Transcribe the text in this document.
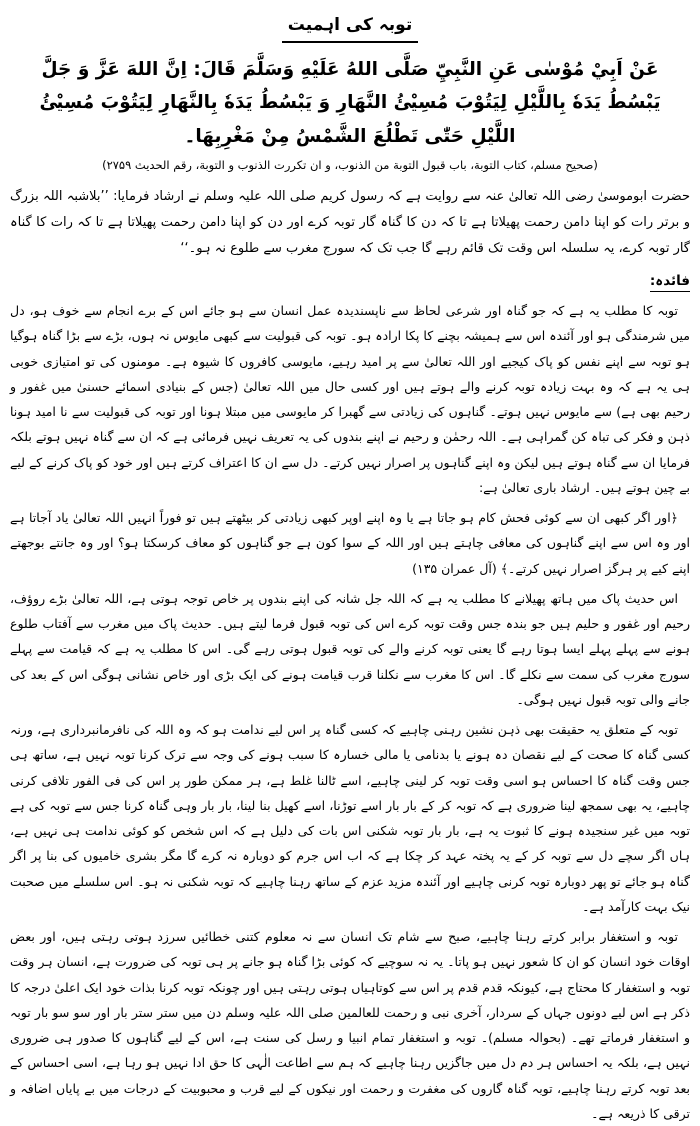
توبہ کی اہمیت
عَنْ اَبِيْ مُوْسٰی عَنِ النَّبِيِّ صَلَّی اللهُ عَلَيْهِ وَسَلَّمَ قَالَ: اِنَّ اللهَ عَزَّ وَ جَلَّ يَبْسُطُ يَدَهٗ بِاللَّيْلِ لِيَتُوْبَ مُسِيْئُ النَّهَارِ وَ يَبْسُطُ يَدَهٗ بِالنَّهَارِ لِيَتُوْبَ مُسِيْئُ اللَّيْلِ حَتّٰی تَطْلُعَ الشَّمْسُ مِنْ مَغْرِبِهَا۔
(صحیح مسلم، کتاب التوبة، باب قبول التوبة من الذنوب، و ان تکررت الذنوب و التوبة، رقم الحدیث ۲۷۵۹)
حضرت ابوموسیٰ رضی اللہ تعالیٰ عنہ سے روایت ہے کہ رسول کریم صلی اللہ علیہ وسلم نے ارشاد فرمایا: ’’بلاشبہ اللہ بزرگ و برتر رات کو اپنا دامن رحمت پھیلاتا ہے تا کہ دن کا گناہ گار توبہ کرے اور دن کو اپنا دامن رحمت پھیلاتا ہے تا کہ رات کا گناہ گار توبہ کرے، یہ سلسلہ اس وقت تک قائم رہے گا جب تک کہ سورج مغرب سے طلوع نہ ہو۔‘‘
فائدہ:
توبہ کا مطلب یہ ہے کہ جو گناہ اور شرعی لحاظ سے ناپسندیدہ عمل انسان سے ہو جائے اس کے برے انجام سے خوف ہو، دل میں شرمندگی ہو اور آئندہ اس سے ہمیشہ بچنے کا پکا ارادہ ہو۔ توبہ کی قبولیت سے کبھی مایوس نہ ہوں، بڑے سے بڑا گناہ ہوگیا ہو توبہ سے اپنے نفس کو پاک کیجیے اور اللہ تعالیٰ سے پر امید رہیے، مایوسی کافروں کا شیوہ ہے۔ مومنوں کی تو امتیازی خوبی ہی یہ ہے کہ وہ بہت زیادہ توبہ کرنے والے ہوتے ہیں اور کسی حال میں اللہ تعالیٰ (جس کے بنیادی اسمائے حسنیٰ میں غفور و رحیم بھی ہے) سے مایوس نہیں ہوتے۔ گناہوں کی زیادتی سے گھبرا کر مایوسی میں مبتلا ہونا اور توبہ کی قبولیت سے نا امید ہونا ذہن و فکر کی تباہ کن گمراہی ہے۔ اللہ رحمٰن و رحیم نے اپنے بندوں کی یہ تعریف نہیں فرمائی ہے کہ ان سے گناہ نہیں ہوتے بلکہ فرمایا ان سے گناہ ہوتے ہیں لیکن وہ اپنے گناہوں پر اصرار نہیں کرتے۔ دل سے ان کا اعتراف کرتے ہیں اور خود کو پاک کرنے کے لیے بے چین ہوتے ہیں۔ ارشاد باری تعالیٰ ہے:
﴿اور اگر کبھی ان سے کوئی فحش کام ہو جاتا ہے یا وہ اپنے اوپر کبھی زیادتی کر بیٹھتے ہیں تو فوراً انہیں اللہ تعالیٰ یاد آجاتا ہے اور وہ اس سے اپنے گناہوں کی معافی چاہتے ہیں اور اللہ کے سوا کون ہے جو گناہوں کو معاف کرسکتا ہو؟ اور وہ جانتے بوجھتے اپنے کیے پر ہرگز اصرار نہیں کرتے۔﴾ (آل عمران ۱۳۵)
اس حدیث پاک میں ہاتھ پھیلانے کا مطلب یہ ہے کہ اللہ جل شانہ کی اپنے بندوں پر خاص توجہ ہوتی ہے، اللہ تعالیٰ بڑے روؤف، رحیم اور غفور و حلیم ہیں جو بندہ جس وقت توبہ کرے اس کی توبہ قبول فرما لیتے ہیں۔ حدیث پاک میں مغرب سے آفتاب طلوع ہونے سے پہلے پہلے ایسا ہوتا رہے گا یعنی توبہ کرنے والے کی توبہ قبول ہوتی رہے گی۔ اس کا مطلب یہ ہے کہ قیامت سے پہلے سورج مغرب کی سمت سے نکلے گا۔ اس کا مغرب سے نکلنا قرب قیامت ہونے کی ایک بڑی اور خاص نشانی ہوگی اس کے بعد کی جانے والی توبہ قبول نہیں ہوگی۔
توبہ کے متعلق یہ حقیقت بھی ذہن نشین رہنی چاہیے کہ کسی گناہ پر اس لیے ندامت ہو کہ وہ اللہ کی نافرمانبرداری ہے، ورنہ کسی گناہ کا صحت کے لیے نقصان دہ ہونے یا بدنامی یا مالی خسارہ کا سبب ہونے کی وجہ سے ترک کرنا توبہ نہیں ہے، ساتھ ہی جس وقت گناہ کا احساس ہو اسی وقت توبہ کر لینی چاہیے، اسے ٹالنا غلط ہے، ہر ممکن طور پر اس کی فی الفور تلافی کرنی چاہیے، یہ بھی سمجھ لینا ضروری ہے کہ توبہ کر کے بار بار اسے توڑنا، اسے کھیل بنا لینا، بار بار وہی گناہ کرنا جس سے توبہ کی ہے توبہ میں غیر سنجیدہ ہونے کا ثبوت یہ ہے، بار بار توبہ شکنی اس بات کی دلیل ہے کہ اس شخص کو کوئی ندامت ہی نہیں ہے، ہاں اگر سچے دل سے توبہ کر کے یہ پختہ عہد کر چکا ہے کہ اب اس جرم کو دوبارہ نہ کرے گا مگر بشری خامیوں کی بنا پر اگر گناہ ہو جائے تو پھر دوبارہ توبہ کرنی چاہیے اور آئندہ مزید عزم کے ساتھ رہنا چاہیے کہ توبہ شکنی نہ ہو۔ اس سلسلے میں صحبت نیک بہت کارآمد ہے۔
توبہ و استغفار برابر کرتے رہنا چاہیے، صبح سے شام تک انسان سے نہ معلوم کتنی خطائیں سرزد ہوتی رہتی ہیں، اور بعض اوقات خود انسان کو ان کا شعور نہیں ہو پاتا۔ یہ نہ سوچیے کہ کوئی بڑا گناہ ہو جانے پر ہی توبہ کی ضرورت ہے، انسان ہر وقت توبہ و استغفار کا محتاج ہے، کیونکہ قدم قدم پر اس سے کوتاہیاں ہوتی رہتی ہیں اور چونکہ توبہ کرنا بذات خود ایک اعلیٰ درجہ کا ذکر ہے اس لیے دونوں جہاں کے سردار، آخری نبی و رحمت للعالمین صلی اللہ علیہ وسلم دن میں ستر ستر بار اور سو سو بار توبہ و استغفار فرماتے تھے۔ (بحوالہ مسلم)۔ توبہ و استغفار تمام انبیا و رسل کی سنت ہے، اس کے لیے گناہوں کا صدور ہی ضروری نہیں ہے، بلکہ یہ احساس ہر دم دل میں جاگزیں رہنا چاہیے کہ ہم سے اطاعت الٰہی کا حق ادا نہیں ہو رہا ہے، اسی احساس کے بعد توبہ کرتے رہنا چاہیے، توبہ گناہ گاروں کی مغفرت و رحمت اور نیکوں کے لیے قرب و محبوبیت کے درجات میں بے پایاں اضافہ و ترقی کا ذریعہ ہے۔
